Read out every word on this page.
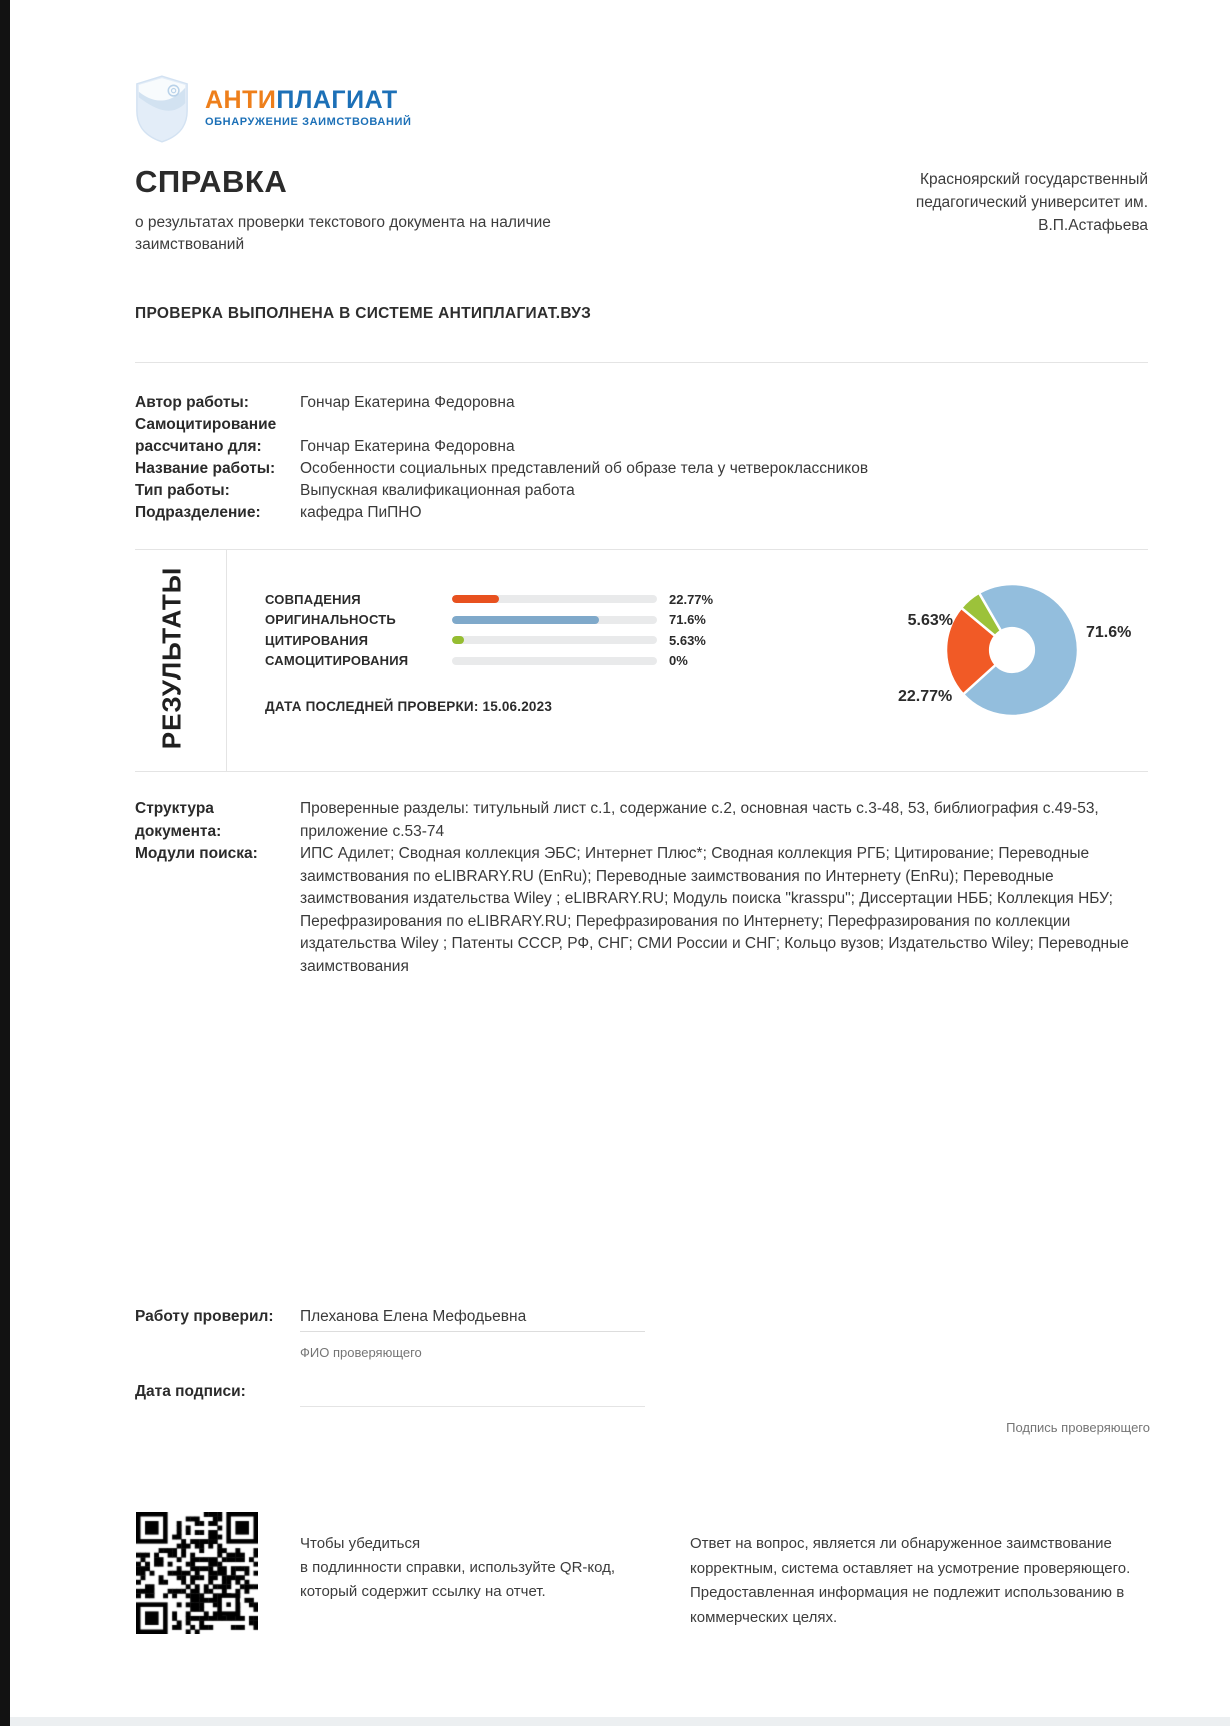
АНТИПЛАГИАТ
ОБНАРУЖЕНИЕ ЗАИМСТВОВАНИЙ
СПРАВКА
о результатах проверки текстового документа на наличие заимствований
Красноярский государственный педагогический университет им. В.П.Астафьева
ПРОВЕРКА ВЫПОЛНЕНА В СИСТЕМЕ АНТИПЛАГИАТ.ВУЗ
Автор работы:	Гончар Екатерина Федоровна
Самоцитирование рассчитано для:	Гончар Екатерина Федоровна
Название работы:	Особенности социальных представлений об образе тела у четвероклассников
Тип работы:	Выпускная квалификационная работа
Подразделение:	кафедра ПиПНО
РЕЗУЛЬТАТЫ	СОВПАДЕНИЯ	22.77%
ОРИГИНАЛЬНОСТЬ	71.6%
ЦИТИРОВАНИЯ	5.63%
САМОЦИТИРОВАНИЯ	0%
ДАТА ПОСЛЕДНЕЙ ПРОВЕРКИ: 15.06.2023
5.63%
71.6%
22.77%
Структура документа:
Проверенные разделы: титульный лист с.1, содержание с.2, основная часть с.3-48, 53, библиография с.49-53, приложение с.53-74
Модули поиска:	ИПС Адилет; Сводная коллекция ЭБС; Интернет Плюс*; Сводная коллекция РГБ; Цитирование; Переводные заимствования по eLIBRARY.RU (EnRu); Переводные заимствования по Интернету (EnRu); Переводные заимствования издательства Wiley ; eLIBRARY.RU; Модуль поиска "krasspu"; Диссертации НББ; Коллекция НБУ; Перефразирования по eLIBRARY.RU; Перефразирования по Интернету; Перефразирования по коллекции издательства Wiley ; Патенты СССР, РФ, СНГ; СМИ России и СНГ; Кольцо вузов; Издательство Wiley; Переводные заимствования
Работу проверил:	Плеханова Елена Мефодьевна
ФИО проверяющего
Дата подписи:
Подпись проверяющего
Чтобы убедиться
в подлинности справки, используйте QR-код,
который содержит ссылку на отчет.
Ответ на вопрос, является ли обнаруженное заимствование корректным, система оставляет на усмотрение проверяющего. Предоставленная информация не подлежит использованию в коммерческих целях.
